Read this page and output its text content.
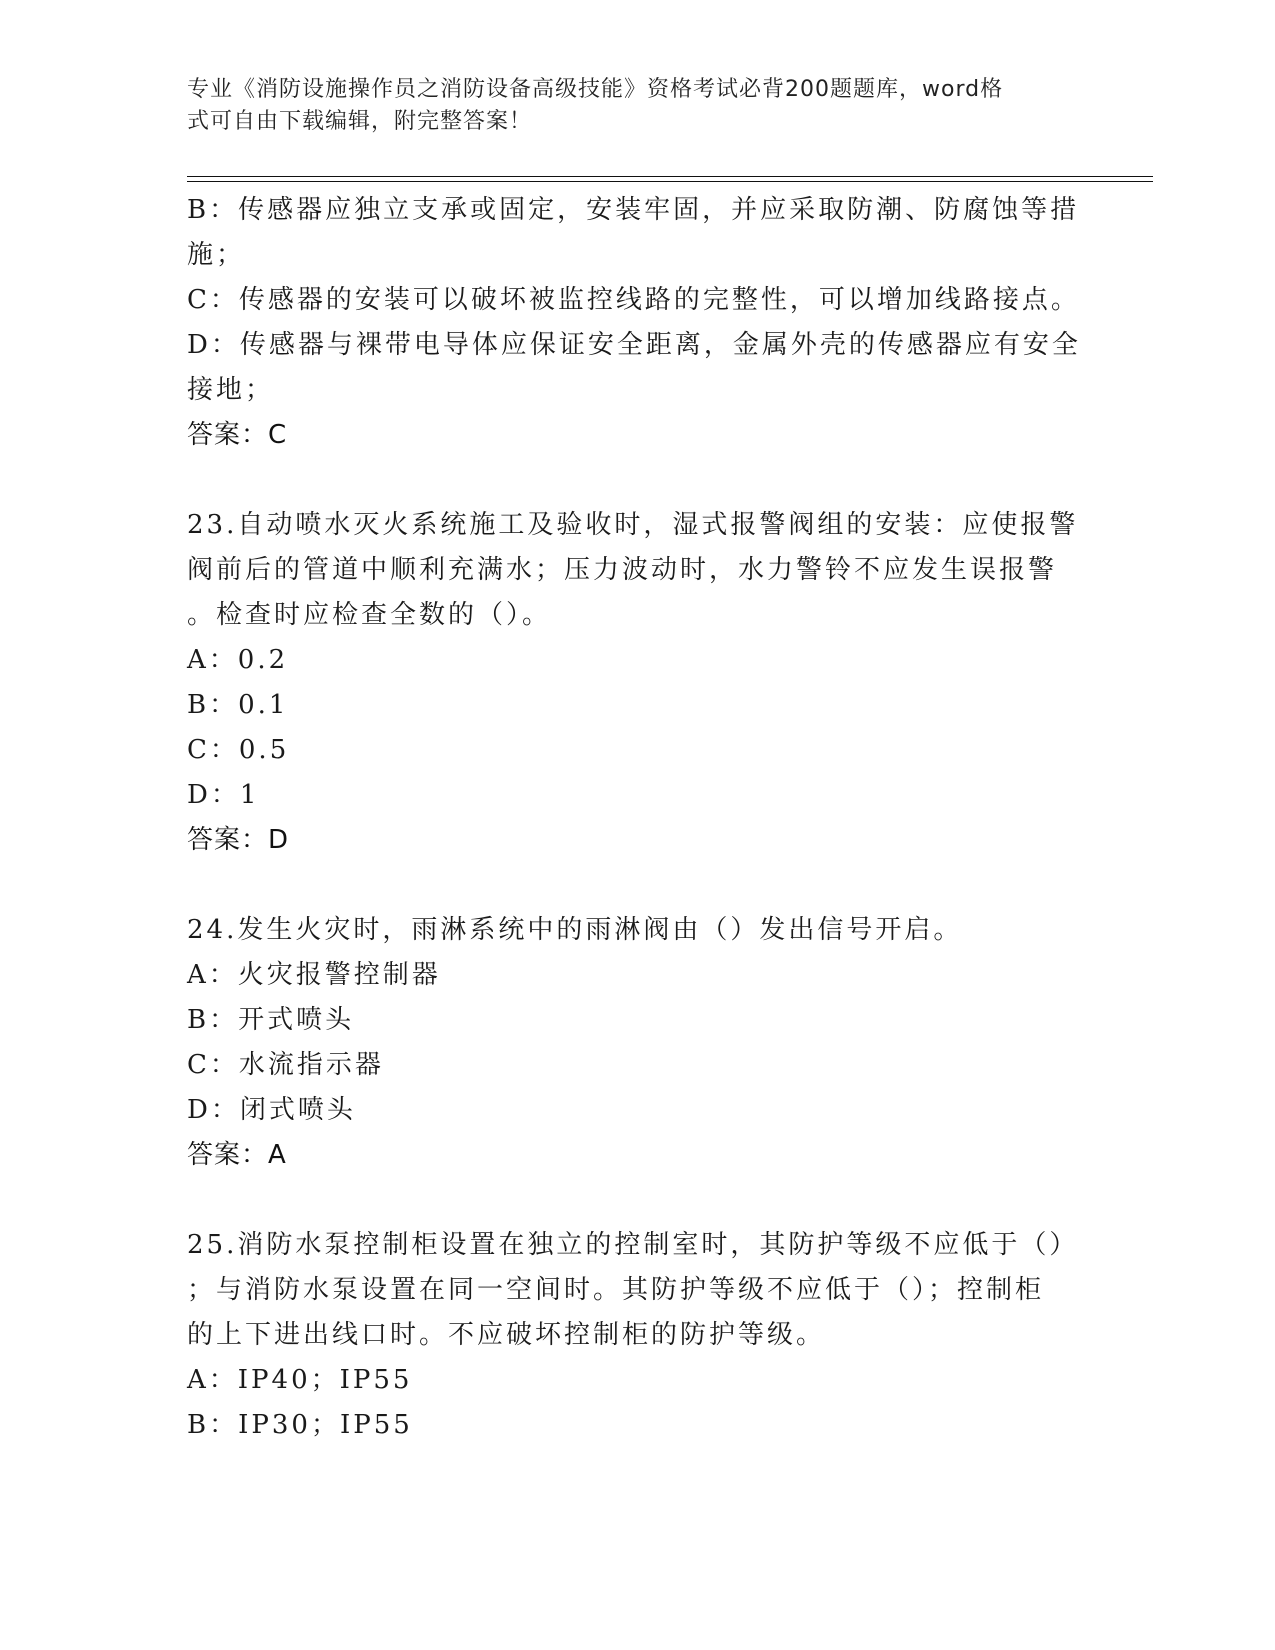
专业《消防设施操作员之消防设备高级技能》资格考试必背200题题库，word格
式可自由下载编辑，附完整答案！
B：传感器应独立支承或固定，安装牢固，并应采取防潮、防腐蚀等措
施；
C：传感器的安装可以破坏被监控线路的完整性，可以增加线路接点。
D：传感器与裸带电导体应保证安全距离，金属外壳的传感器应有安全
接地；
答案：C
23.自动喷水灭火系统施工及验收时，湿式报警阀组的安装：应使报警
阀前后的管道中顺利充满水；压力波动时，水力警铃不应发生误报警
。检查时应检查全数的（）。
A：0.2
B：0.1
C：0.5
D：1
答案：D
24.发生火灾时，雨淋系统中的雨淋阀由（）发出信号开启。
A：火灾报警控制器
B：开式喷头
C：水流指示器
D：闭式喷头
答案：A
25.消防水泵控制柜设置在独立的控制室时，其防护等级不应低于（）
；与消防水泵设置在同一空间时。其防护等级不应低于（）；控制柜
的上下进出线口时。不应破坏控制柜的防护等级。
A：IP40；IP55
B：IP30；IP55
